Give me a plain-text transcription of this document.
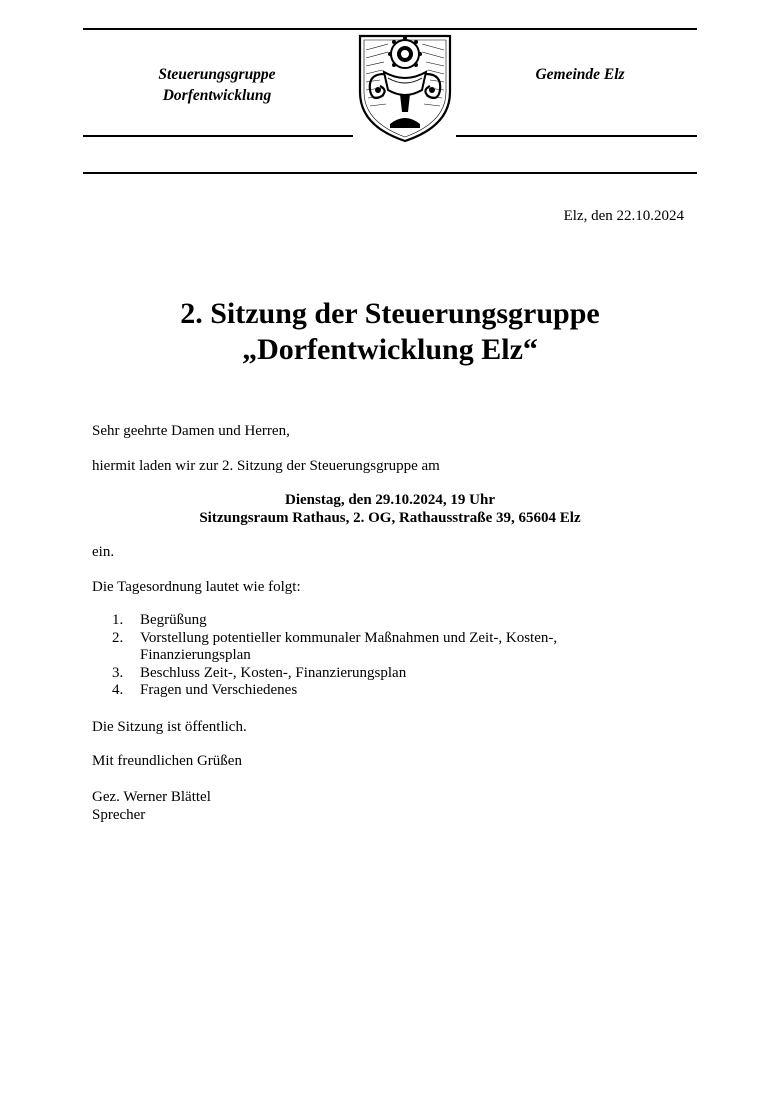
Steuerungsgruppe
Dorfentwicklung
Gemeinde Elz
Elz, den 22.10.2024
2. Sitzung der Steuerungsgruppe
„Dorfentwicklung Elz“
Sehr geehrte Damen und Herren,
hiermit laden wir zur 2. Sitzung der Steuerungsgruppe am
Dienstag, den 29.10.2024, 19 Uhr
Sitzungsraum Rathaus, 2. OG, Rathausstraße 39, 65604 Elz
ein.
Die Tagesordnung lautet wie folgt:
1.	Begrüßung
2.	Vorstellung potentieller kommunaler Maßnahmen und Zeit-, Kosten-, Finanzierungsplan
3.	Beschluss Zeit-, Kosten-, Finanzierungsplan
4.	Fragen und Verschiedenes
Die Sitzung ist öffentlich.
Mit freundlichen Grüßen
Gez. Werner Blättel
Sprecher
